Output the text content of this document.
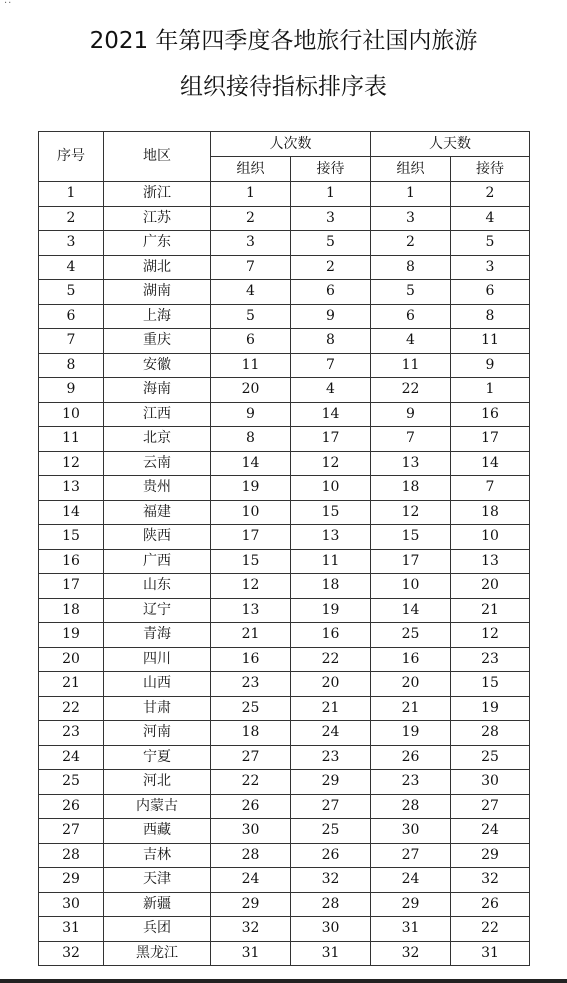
··
2021 年第四季度各地旅行社国内旅游
组织接待指标排序表
序号	地区	人次数		人天数	
		组织	接待	组织	接待
1	浙江	1	1	1	2
2	江苏	2	3	3	4
3	广东	3	5	2	5
4	湖北	7	2	8	3
5	湖南	4	6	5	6
6	上海	5	9	6	8
7	重庆	6	8	4	11
8	安徽	11	7	11	9
9	海南	20	4	22	1
10	江西	9	14	9	16
11	北京	8	17	7	17
12	云南	14	12	13	14
13	贵州	19	10	18	7
14	福建	10	15	12	18
15	陕西	17	13	15	10
16	广西	15	11	17	13
17	山东	12	18	10	20
18	辽宁	13	19	14	21
19	青海	21	16	25	12
20	四川	16	22	16	23
21	山西	23	20	20	15
22	甘肃	25	21	21	19
23	河南	18	24	19	28
24	宁夏	27	23	26	25
25	河北	22	29	23	30
26	内蒙古	26	27	28	27
27	西藏	30	25	30	24
28	吉林	28	26	27	29
29	天津	24	32	24	32
30	新疆	29	28	29	26
31	兵团	32	30	31	22
32	黑龙江	31	31	32	31
